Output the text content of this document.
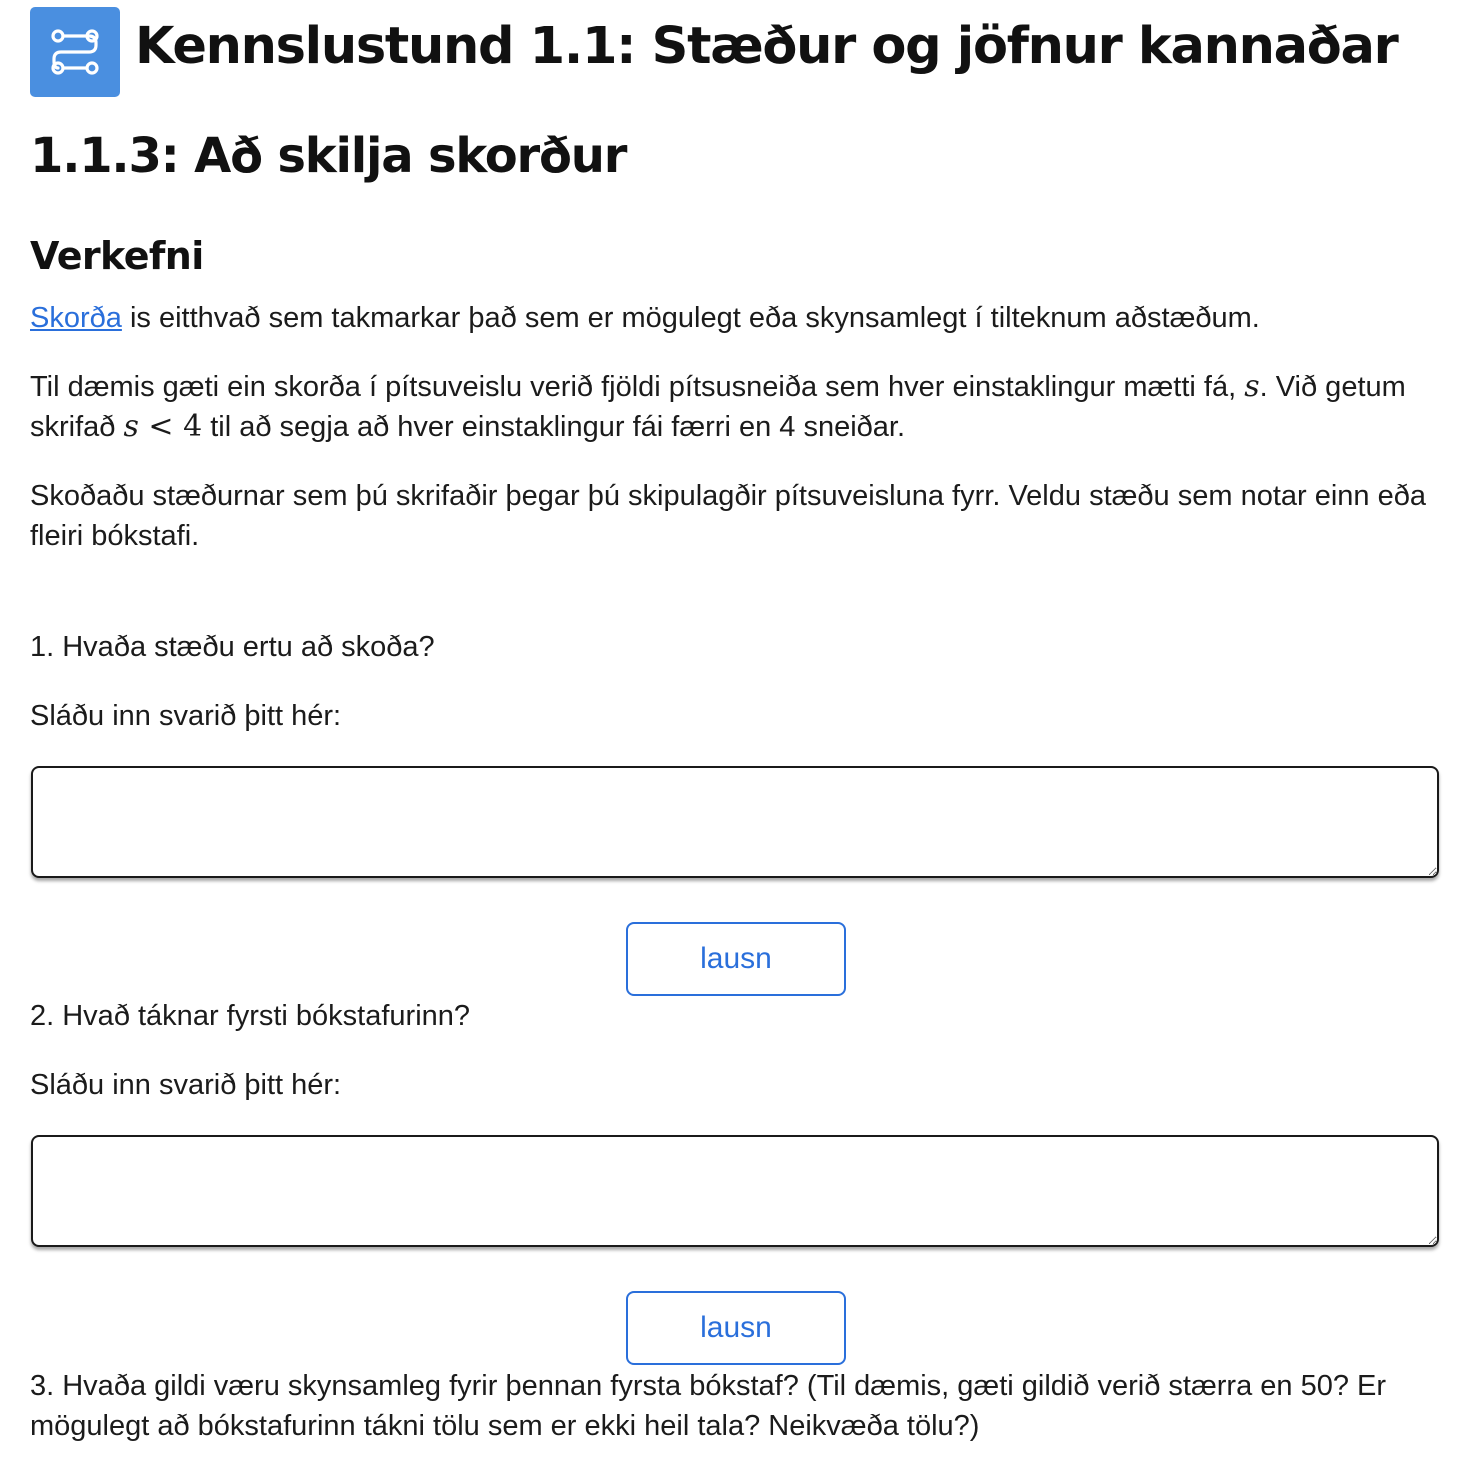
Kennslustund 1.1: Stæður og jöfnur kannaðar
1.1.3: Að skilja skorður
Verkefni

Skorða is eitthvað sem takmarkar það sem er mögulegt eða skynsamlegt í tilteknum aðstæðum.

Til dæmis gæti ein skorða í pítsuveislu verið fjöldi pítsusneiða sem hver einstaklingur mætti fá, s. Við getum skrifað s < 4 til að segja að hver einstaklingur fái færri en 4 sneiðar.

Skoðaðu stæðurnar sem þú skrifaðir þegar þú skipulagðir pítsuveisluna fyrr. Veldu stæðu sem notar einn eða fleiri bókstafi.

1. Hvaða stæðu ertu að skoða?

Sláðu inn svarið þitt hér:

lausn

2. Hvað táknar fyrsti bókstafurinn?

Sláðu inn svarið þitt hér:

lausn

3. Hvaða gildi væru skynsamleg fyrir þennan fyrsta bókstaf? (Til dæmis, gæti gildið verið stærra en 50? Er mögulegt að bókstafurinn tákni tölu sem er ekki heil tala? Neikvæða tölu?)
